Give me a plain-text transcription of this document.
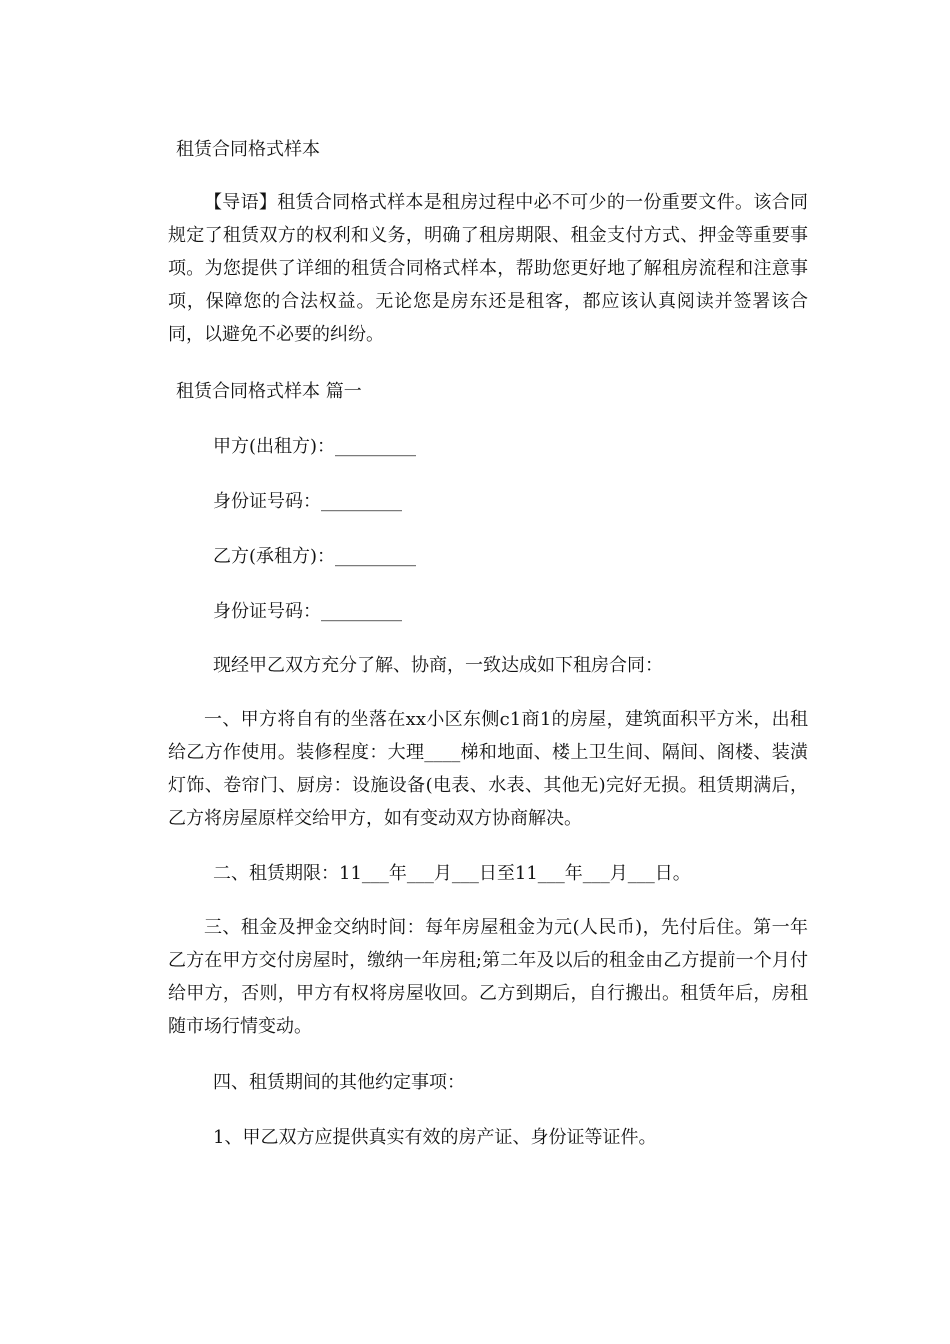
租赁合同格式样本
【导语】租赁合同格式样本是租房过程中必不可少的一份重要文件。该合同规定了租赁双方的权利和义务，明确了租房期限、租金支付方式、押金等重要事项。为您提供了详细的租赁合同格式样本，帮助您更好地了解租房流程和注意事项，保障您的合法权益。无论您是房东还是租客，都应该认真阅读并签署该合同，以避免不必要的纠纷。
租赁合同格式样本 篇一
甲方(出租方)：_________
身份证号码：_________
乙方(承租方)：_________
身份证号码：_________
现经甲乙双方充分了解、协商，一致达成如下租房合同：
一、甲方将自有的坐落在xx小区东侧c1商1的房屋，建筑面积平方米，出租给乙方作使用。装修程度：大理____梯和地面、楼上卫生间、隔间、阁楼、装潢灯饰、卷帘门、厨房：设施设备(电表、水表、其他无)完好无损。租赁期满后，乙方将房屋原样交给甲方，如有变动双方协商解决。
二、租赁期限：11___年___月___日至11___年___月___日。
三、租金及押金交纳时间：每年房屋租金为元(人民币)，先付后住。第一年乙方在甲方交付房屋时，缴纳一年房租;第二年及以后的租金由乙方提前一个月付给甲方，否则，甲方有权将房屋收回。乙方到期后，自行搬出。租赁年后，房租随市场行情变动。
四、租赁期间的其他约定事项：
1、甲乙双方应提供真实有效的房产证、身份证等证件。
